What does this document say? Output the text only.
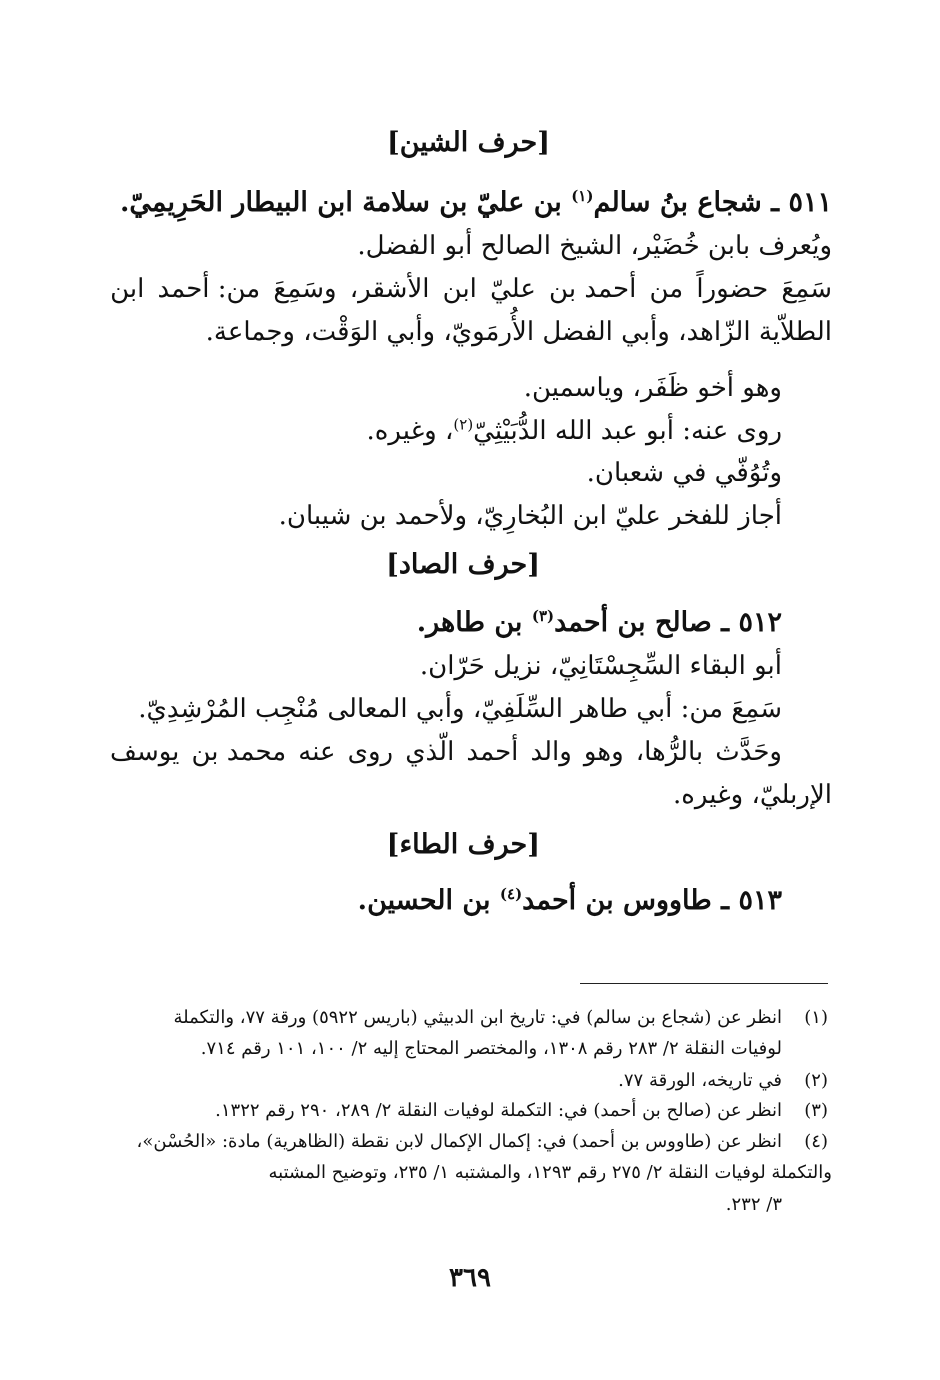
[حرف الشين]
٥١١ ـ شجاع بنُ سالم$^{(١)}$ بن عليّ بن سلامة ابن البيطار الحَرِيمِيّ.
ويُعرف بابن خُضَيْر، الشيخ الصالح أبو الفضل.
سَمِعَ
حضوراً
من
أحمد بن
عليّ
ابن
الأشقر،
وسَمِعَ
من: أحمد
ابن
الطلاّية الزّاهد، وأبي الفضل الأُرمَويّ، وأبي الوَقْت، وجماعة.
وهو أخو ظَفَر، وياسمين.
روى عنه: أبو عبد الله الدُّبَيْثِيّ$^{(٢)}$، وغيره.
وتُوُفّي في شعبان.
أجاز للفخر عليّ ابن البُخارِيّ، ولأحمد بن شيبان.
[حرف الصاد]
٥١٢ ـ صالح بن أحمد$^{(٣)}$ بن طاهر.
أبو البقاء السِّجِسْتَانِيّ، نزيل حَرّان.
سَمِعَ من: أبي طاهر السِّلَفِيّ، وأبي المعالى مُنْجِب المُرْشِدِيّ.
وحَدَّث
بالرُّها،
وهو
والد
أحمد
الّذي
روى
عنه
محمد بن
يوسف
الإربليّ، وغيره.
[حرف الطاء]
٥١٣ ـ طاووس بن أحمد$^{(٤)}$ بن الحسين.
(١)
انظر عن (شجاع بن سالم) في: تاريخ ابن الدبيثي (باريس ٥٩٢٢) ورقة ٧٧، والتكملة
لوفيات النقلة ٢/ ٢٨٣ رقم ١٣٠٨، والمختصر المحتاج إليه ٢/ ١٠٠، ١٠١ رقم ٧١٤.
(٢)
في تاريخه، الورقة ٧٧.
(٣)
انظر عن (صالح بن أحمد) في: التكملة لوفيات النقلة ٢/ ٢٨٩، ٢٩٠ رقم ١٣٢٢.
(٤)
انظر عن (طاووس بن أحمد) في: إكمال الإكمال لابن نقطة (الظاهرية) مادة: «الحُسْن»،
والتكملة لوفيات النقلة ٢/ ٢٧٥ رقم ١٢٩٣، والمشتبه ١/ ٢٣٥، وتوضيح المشتبه
٣/ ٢٣٢.
٣٦٩
